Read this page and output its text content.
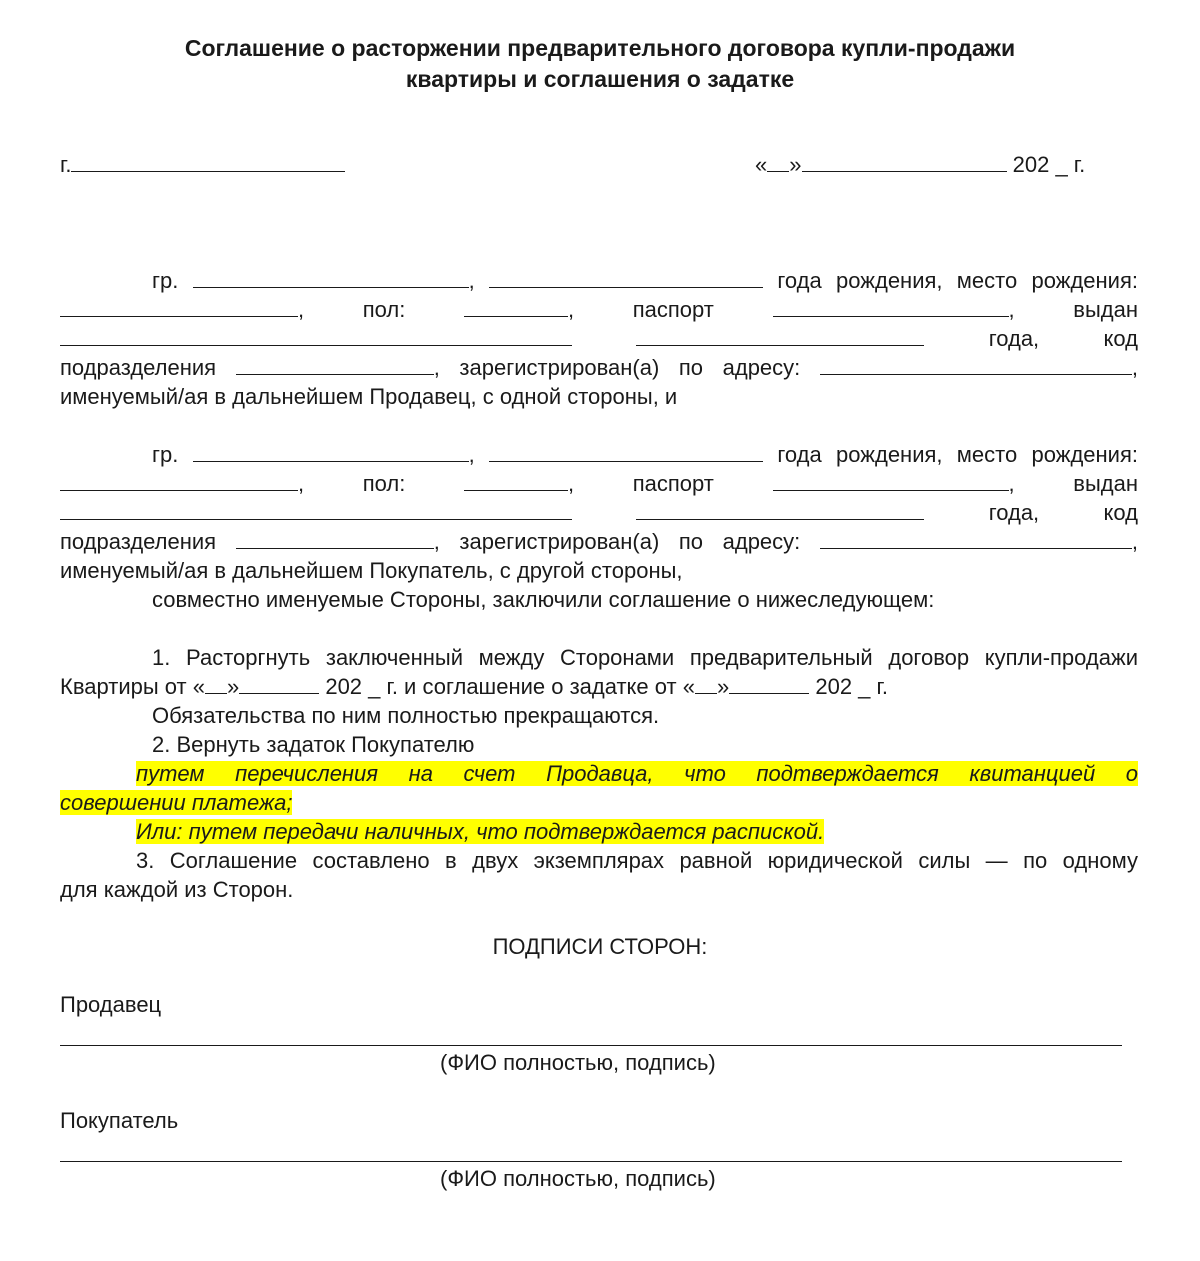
Соглашение о расторжении предварительного договора купли-продажи
квартиры и соглашения о задатке
г.	« »	202 _ г.
гр.	,	года рождения, место рождения:
,	пол:	,	паспорт	,	выдан
года,	код
подразделения	, зарегистрирован(а) по адресу:	,
именуемый/ая в дальнейшем Продавец, с одной стороны, и
гр.	,	года рождения, место рождения:
,	пол:	,	паспорт	,	выдан
года,	код
подразделения	, зарегистрирован(а) по адресу:	,
именуемый/ая в дальнейшем Покупатель, с другой стороны,
совместно именуемые Стороны, заключили соглашение о нижеследующем:
1. Расторгнуть заключенный между Сторонами предварительный договор купли-продажи
Квартиры от « »	202 _ г. и соглашение о задатке от « »	202 _ г.
Обязательства по ним полностью прекращаются.
2. Вернуть задаток Покупателю
путем перечисления на счет Продавца, что подтверждается квитанцией о
совершении платежа;
Или: путем передачи наличных, что подтверждается распиской.
3. Соглашение составлено в двух экземплярах равной юридической силы — по одному
для каждой из Сторон.
ПОДПИСИ СТОРОН:
Продавец
(ФИО полностью, подпись)
Покупатель
(ФИО полностью, подпись)
